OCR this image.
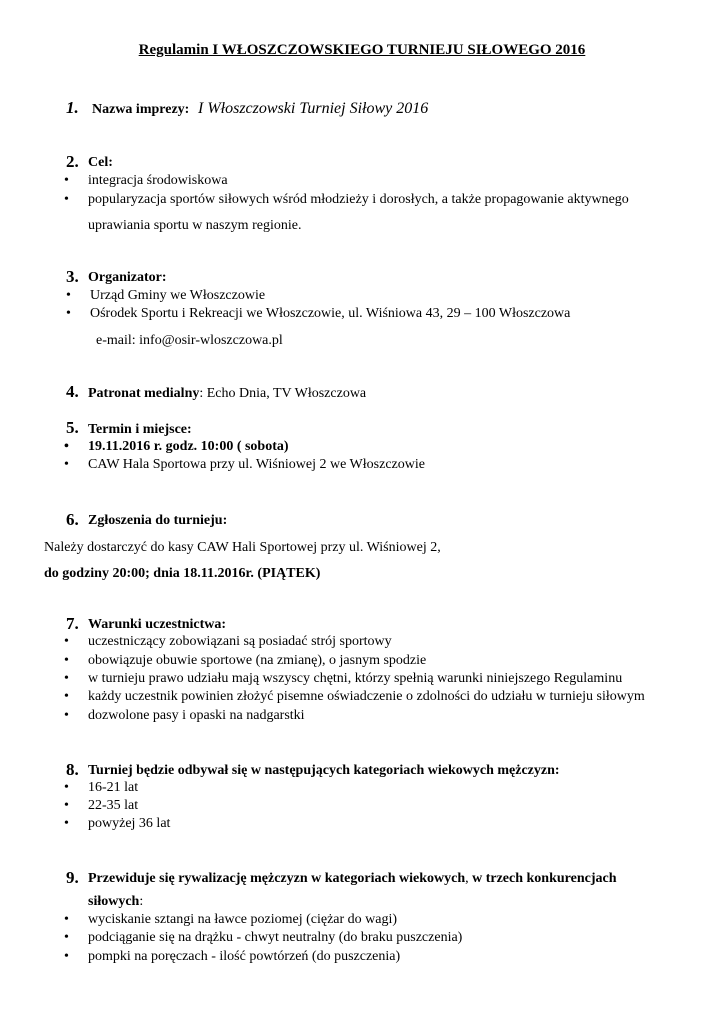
Regulamin I WŁOSZCZOWSKIEGO TURNIEJU SIŁOWEGO 2016
1. Nazwa imprezy: I Włoszczowski Turniej Siłowy 2016
2. Cel:
• integracja środowiskowa
• popularyzacja sportów siłowych wśród młodzieży i dorosłych, a także propagowanie aktywnego
uprawiania sportu w naszym regionie.
3. Organizator:
• Urząd Gminy we Włoszczowie
• Ośrodek Sportu i Rekreacji we Włoszczowie, ul. Wiśniowa 43, 29 – 100 Włoszczowa
e-mail: info@osir-wloszczowa.pl
4. Patronat medialny: Echo Dnia, TV Włoszczowa
5. Termin i miejsce:
• 19.11.2016 r. godz. 10:00 ( sobota)
• CAW Hala Sportowa przy ul. Wiśniowej 2 we Włoszczowie
6. Zgłoszenia do turnieju:
Należy dostarczyć do kasy CAW Hali Sportowej przy ul. Wiśniowej 2,
do godziny 20:00; dnia 18.11.2016r. (PIĄTEK)
7. Warunki uczestnictwa:
• uczestniczący zobowiązani są posiadać strój sportowy
• obowiązuje obuwie sportowe (na zmianę), o jasnym spodzie
• w turnieju prawo udziału mają wszyscy chętni, którzy spełnią warunki niniejszego Regulaminu
• każdy uczestnik powinien złożyć pisemne oświadczenie o zdolności do udziału w turnieju siłowym
• dozwolone pasy i opaski na nadgarstki
8. Turniej będzie odbywał się w następujących kategoriach wiekowych mężczyzn:
• 16-21 lat
• 22-35 lat
• powyżej 36 lat
9. Przewiduje się rywalizację mężczyzn w kategoriach wiekowych, w trzech konkurencjach
siłowych:
• wyciskanie sztangi na ławce poziomej (ciężar do wagi)
• podciąganie się na drążku - chwyt neutralny (do braku puszczenia)
• pompki na poręczach - ilość powtórzeń (do puszczenia)
